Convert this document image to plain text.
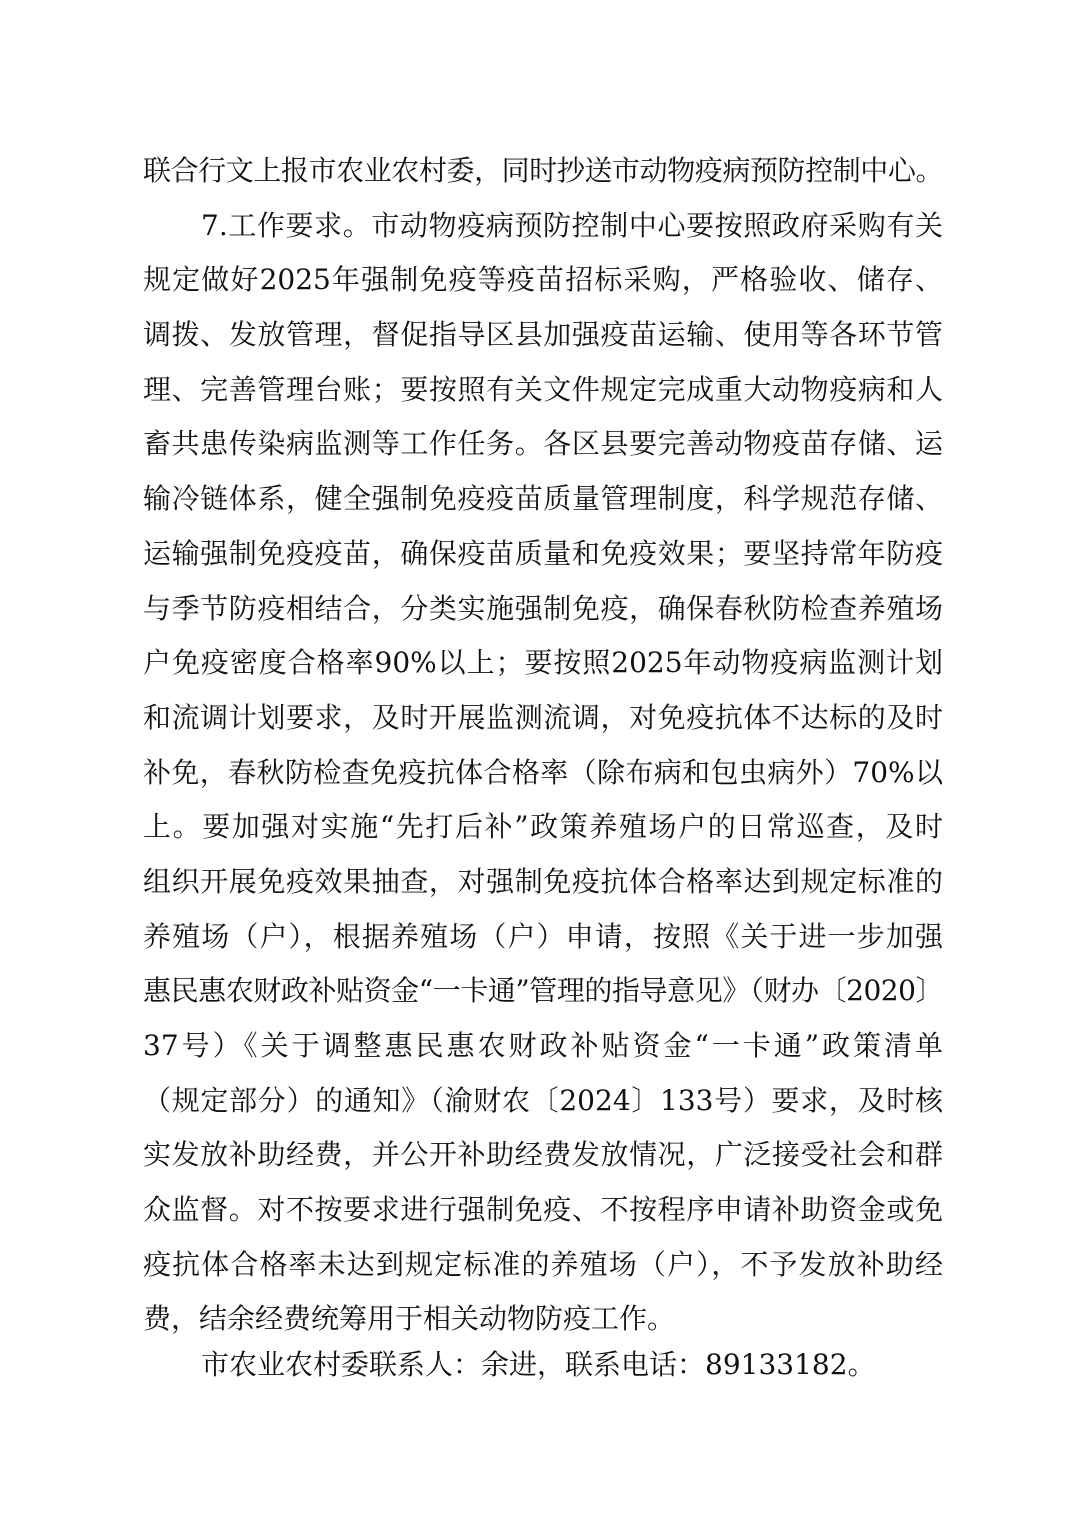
联合行文上报市农业农村委，同时抄送市动物疫病预防控制中心。
7.工作要求。市动物疫病预防控制中心要按照政府采购有关
规定做好2025年强制免疫等疫苗招标采购，严格验收、储存、
调拨、发放管理，督促指导区县加强疫苗运输、使用等各环节管
理、完善管理台账；要按照有关文件规定完成重大动物疫病和人
畜共患传染病监测等工作任务。各区县要完善动物疫苗存储、运
输冷链体系，健全强制免疫疫苗质量管理制度，科学规范存储、
运输强制免疫疫苗，确保疫苗质量和免疫效果；要坚持常年防疫
与季节防疫相结合，分类实施强制免疫，确保春秋防检查养殖场
户免疫密度合格率90%以上；要按照2025年动物疫病监测计划
和流调计划要求，及时开展监测流调，对免疫抗体不达标的及时
补免，春秋防检查免疫抗体合格率（除布病和包虫病外）70%以
上。要加强对实施“先打后补”政策养殖场户的日常巡查，及时
组织开展免疫效果抽查，对强制免疫抗体合格率达到规定标准的
养殖场（户），根据养殖场（户）申请，按照《关于进一步加强
惠民惠农财政补贴资金“一卡通”管理的指导意见》（财办〔2020〕
37号）《关于调整惠民惠农财政补贴资金“一卡通”政策清单
（规定部分）的通知》（渝财农〔2024〕133号）要求，及时核
实发放补助经费，并公开补助经费发放情况，广泛接受社会和群
众监督。对不按要求进行强制免疫、不按程序申请补助资金或免
疫抗体合格率未达到规定标准的养殖场（户），不予发放补助经
费，结余经费统筹用于相关动物防疫工作。
市农业农村委联系人：余进，联系电话：89133182。
